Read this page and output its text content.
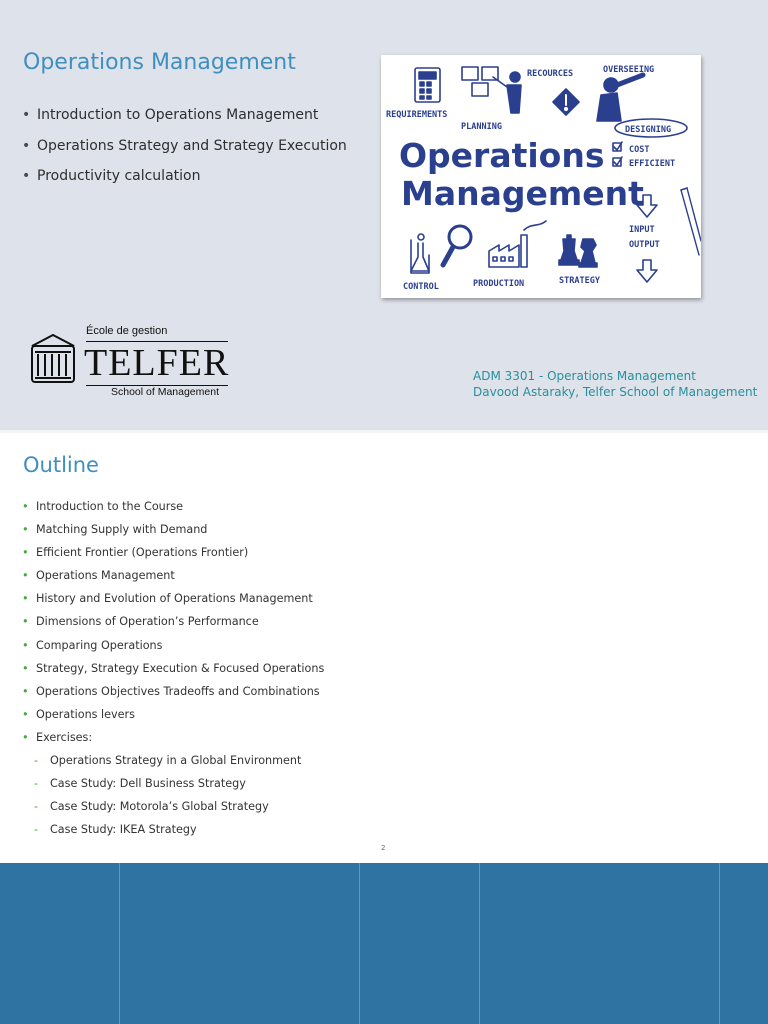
Operations Management
• Introduction to Operations Management
• Operations Strategy and Strategy Execution
• Productivity calculation
REQUIREMENTS
PLANNING
RECOURCES	OVERSEEING
DESIGNING
COST
EFFICIENT
INPUT
OUTPUT
CONTROL	PRODUCTION	STRATEGY
Operations
Management
École de gestion
TELFER
School of Management
ADM 3301 - Operations Management
Davood Astaraky, Telfer School of Management
Outline
• Introduction to the Course
• Matching Supply with Demand
• Efficient Frontier (Operations Frontier)
• Operations Management
• History and Evolution of Operations Management
• Dimensions of Operation’s Performance
• Comparing Operations
• Strategy, Strategy Execution & Focused Operations
• Operations Objectives Tradeoffs and Combinations
• Operations levers
• Exercises:
- Operations Strategy in a Global Environment
- Case Study: Dell Business Strategy
- Case Study: Motorola’s Global Strategy
- Case Study: IKEA Strategy
2
